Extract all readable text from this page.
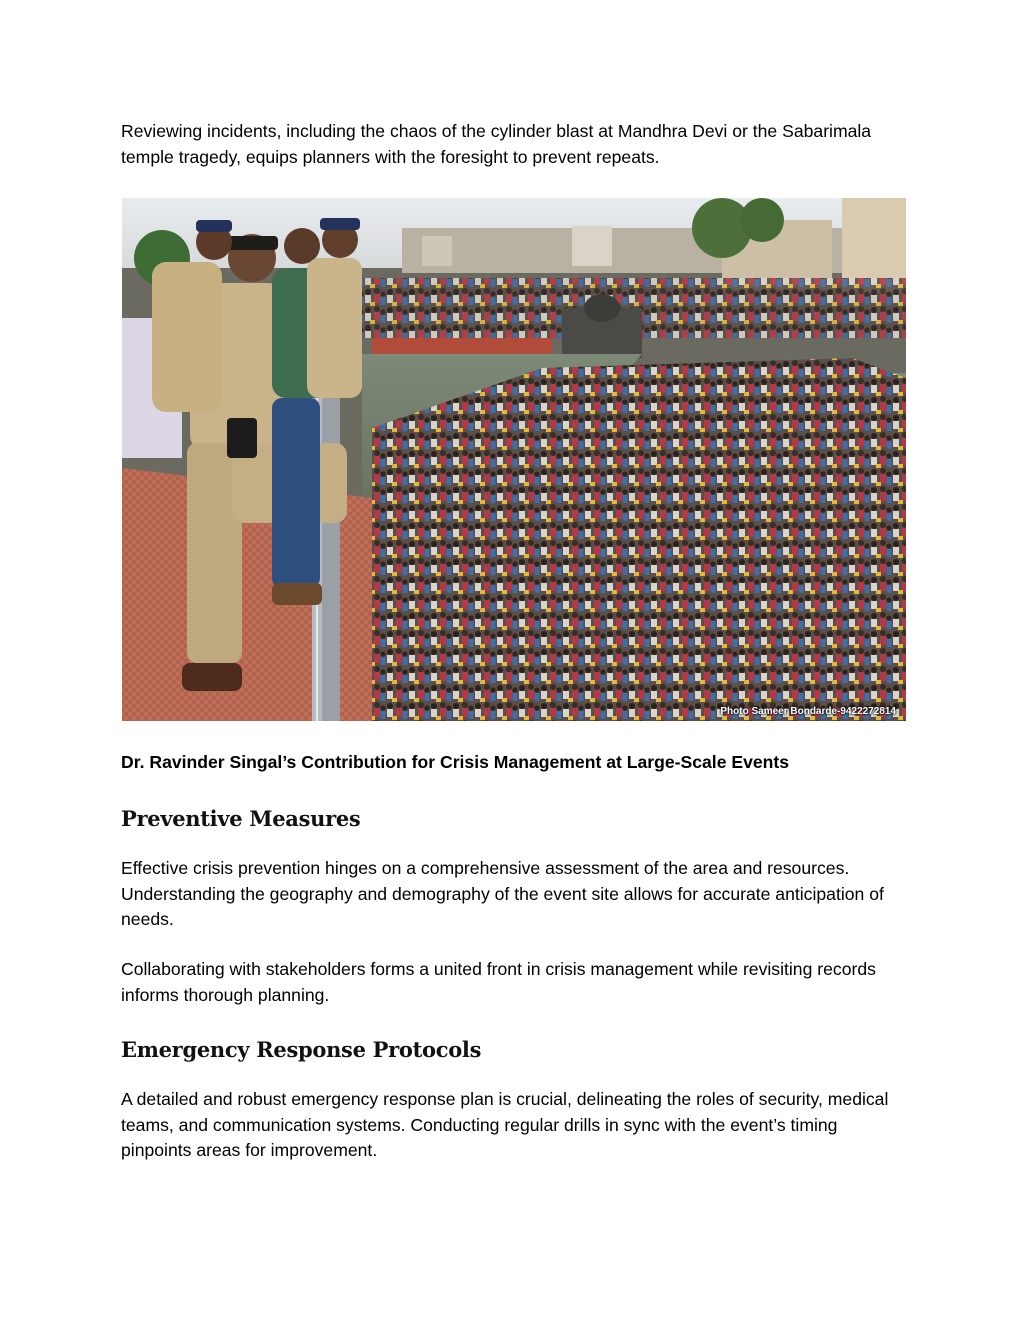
Reviewing incidents, including the chaos of the cylinder blast at Mandhra Devi or the Sabarimala temple tragedy, equips planners with the foresight to prevent repeats.

Photo Sameer Bondarde-9422272814

Dr. Ravinder Singal’s Contribution for Crisis Management at Large-Scale Events

Preventive Measures

Effective crisis prevention hinges on a comprehensive assessment of the area and resources. Understanding the geography and demography of the event site allows for accurate anticipation of needs.

Collaborating with stakeholders forms a united front in crisis management while revisiting records informs thorough planning.

Emergency Response Protocols

A detailed and robust emergency response plan is crucial, delineating the roles of security, medical teams, and communication systems. Conducting regular drills in sync with the event’s timing pinpoints areas for improvement.
